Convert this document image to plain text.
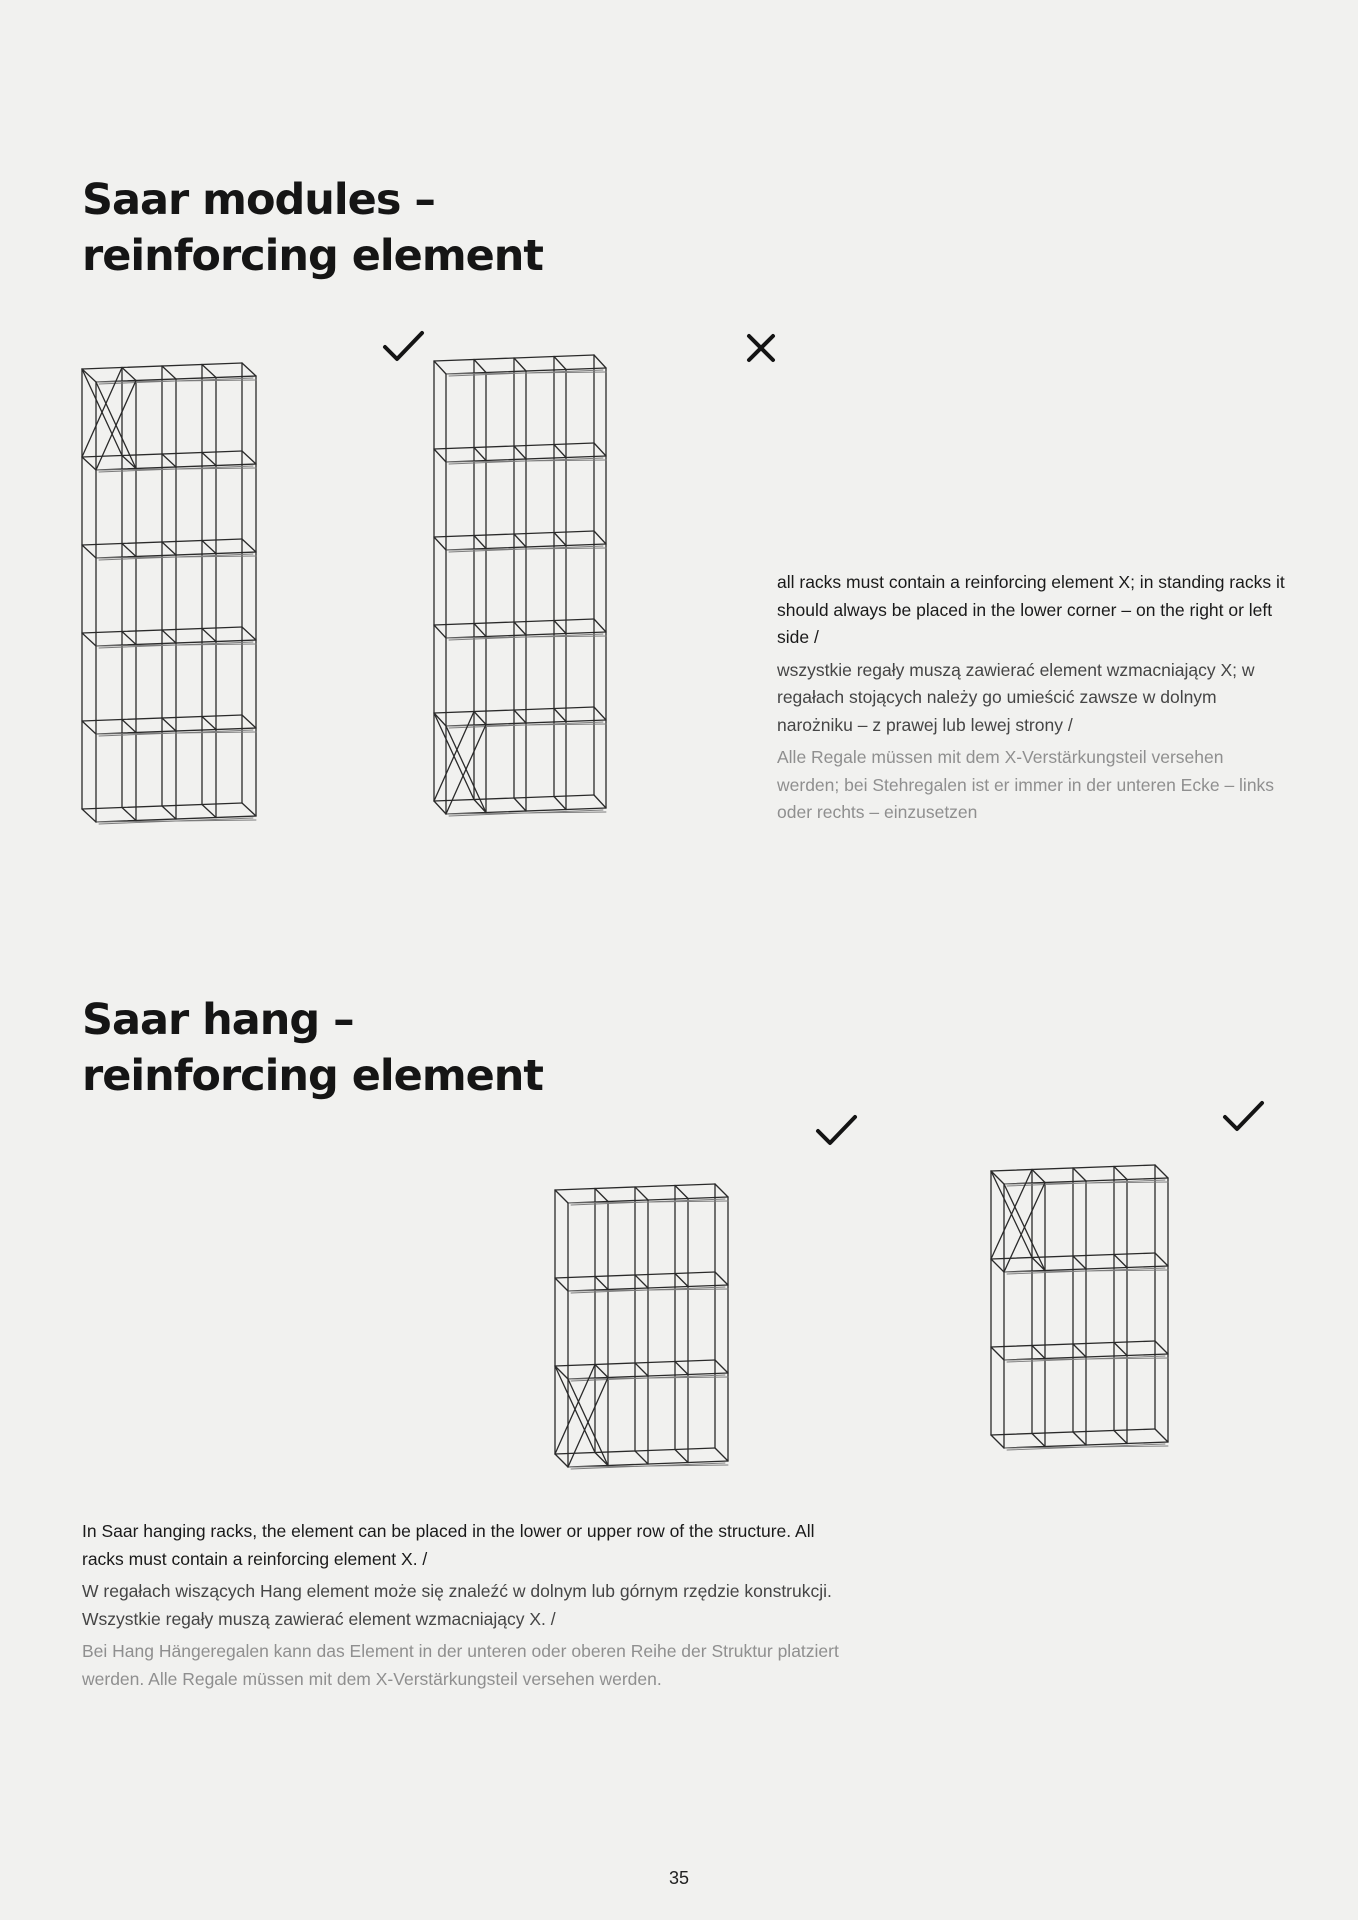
Saar modules –
reinforcing element

all racks must contain a reinforcing element X; in standing racks it should always be placed in the lower corner – on the right or left side /

wszystkie regały muszą zawierać element wzmacniający X; w regałach stojących należy go umieścić zawsze w dolnym narożniku – z prawej lub lewej strony /

Alle Regale müssen mit dem X-Verstärkungsteil versehen werden; bei Stehregalen ist er immer in der unteren Ecke – links oder rechts – einzusetzen

Saar hang –
reinforcing element

In Saar hanging racks, the element can be placed in the lower or upper row of the structure. All racks must contain a reinforcing element X. /

W regałach wiszących Hang element może się znaleźć w dolnym lub górnym rzędzie konstrukcji. Wszystkie regały muszą zawierać element wzmacniający X. /

Bei Hang Hängeregalen kann das Element in der unteren oder oberen Reihe der Struktur platziert werden. Alle Regale müssen mit dem X-Verstärkungsteil versehen werden.

35
